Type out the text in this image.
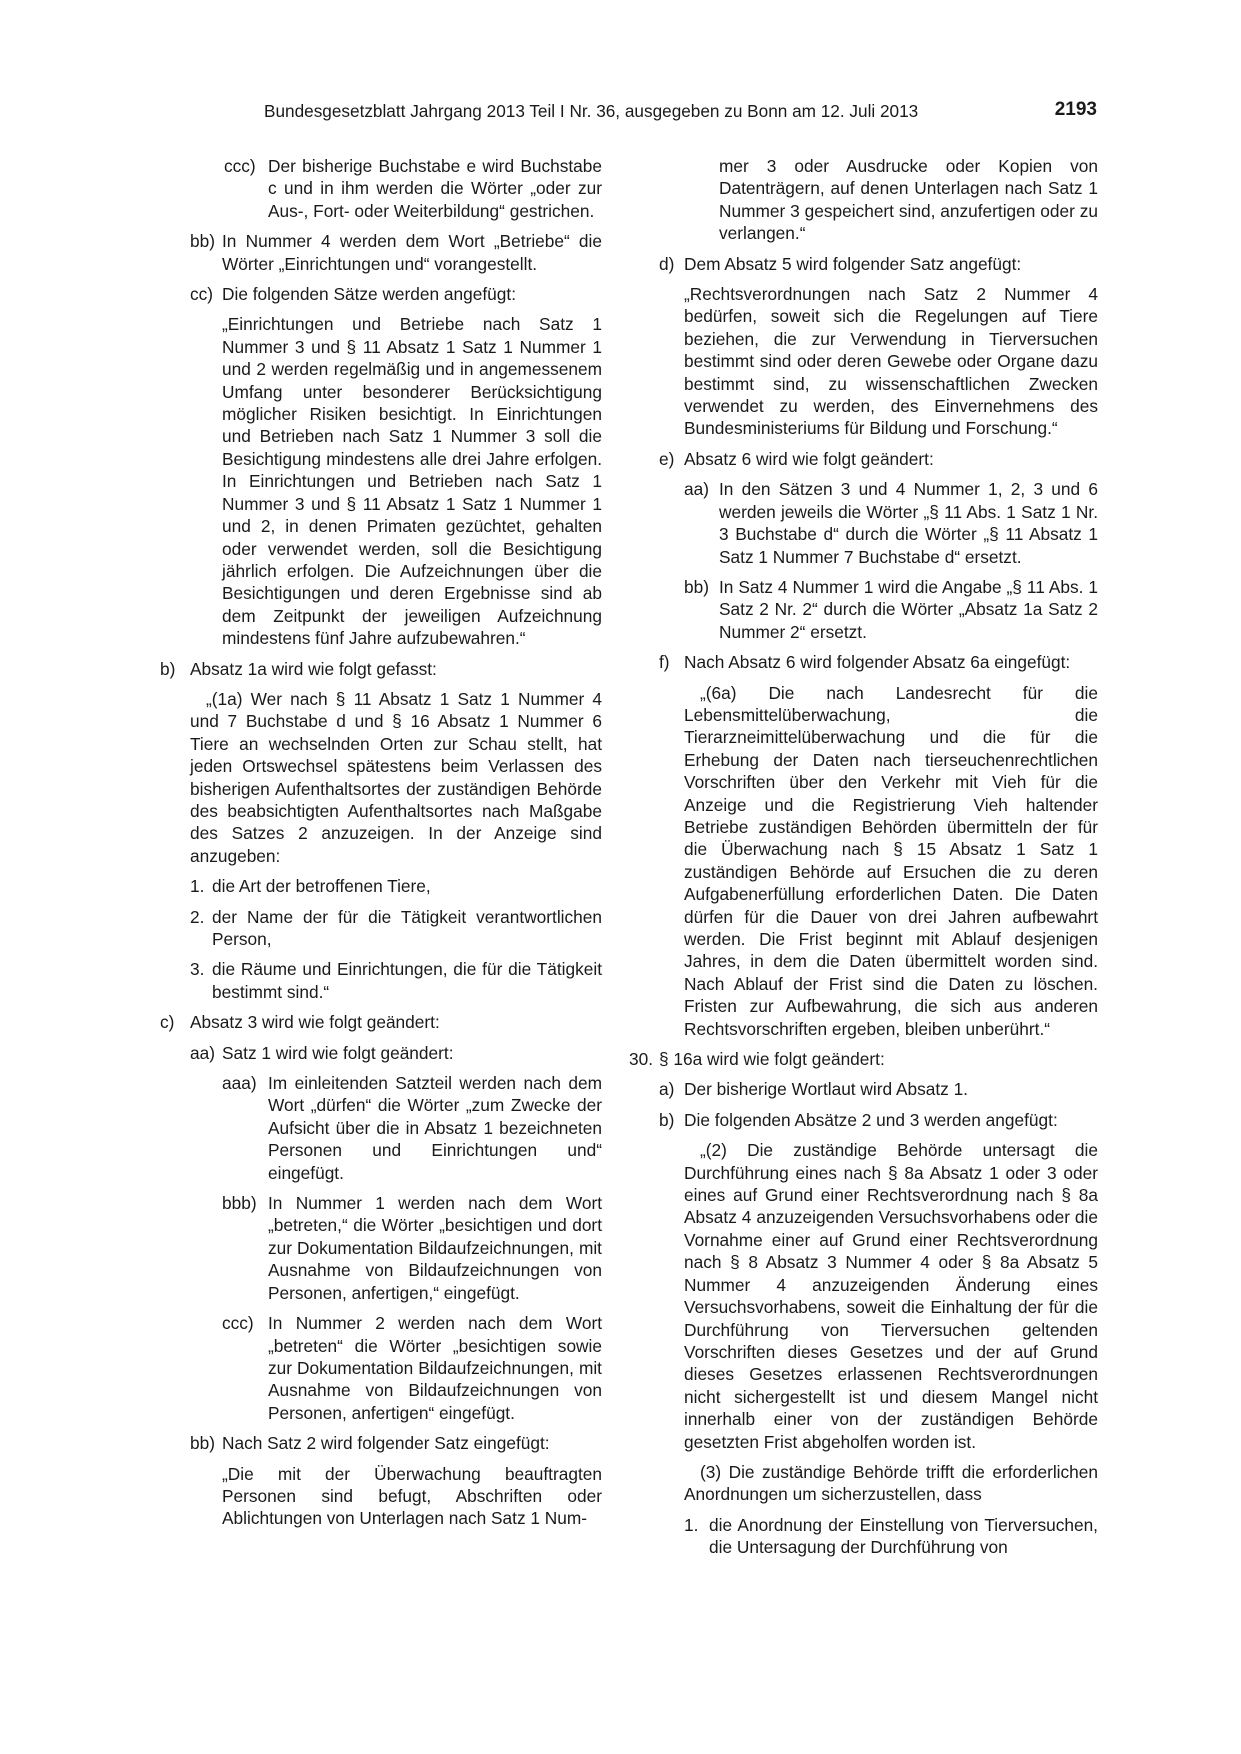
Bundesgesetzblatt Jahrgang 2013 Teil I Nr. 36, ausgegeben zu Bonn am 12. Juli 2013	2193
ccc) Der bisherige Buchstabe e wird Buchstabe c und in ihm werden die Wörter „oder zur Aus-, Fort- oder Weiterbildung“ gestrichen.
bb) In Nummer 4 werden dem Wort „Betriebe“ die Wörter „Einrichtungen und“ vorangestellt.
cc) Die folgenden Sätze werden angefügt:
„Einrichtungen und Betriebe nach Satz 1 Nummer 3 und § 11 Absatz 1 Satz 1 Nummer 1 und 2 werden regelmäßig und in angemessenem Umfang unter besonderer Berücksichtigung möglicher Risiken besichtigt. In Einrichtungen und Betrieben nach Satz 1 Nummer 3 soll die Besichtigung mindestens alle drei Jahre erfolgen. In Einrichtungen und Betrieben nach Satz 1 Nummer 3 und § 11 Absatz 1 Satz 1 Nummer 1 und 2, in denen Primaten gezüchtet, gehalten oder verwendet werden, soll die Besichtigung jährlich erfolgen. Die Aufzeichnungen über die Besichtigungen und deren Ergebnisse sind ab dem Zeitpunkt der jeweiligen Aufzeichnung mindestens fünf Jahre aufzubewahren.“
b) Absatz 1a wird wie folgt gefasst:
„(1a) Wer nach § 11 Absatz 1 Satz 1 Nummer 4 und 7 Buchstabe d und § 16 Absatz 1 Nummer 6 Tiere an wechselnden Orten zur Schau stellt, hat jeden Ortswechsel spätestens beim Verlassen des bisherigen Aufenthaltsortes der zuständigen Behörde des beabsichtigten Aufenthaltsortes nach Maßgabe des Satzes 2 anzuzeigen. In der Anzeige sind anzugeben:
1. die Art der betroffenen Tiere,
2. der Name der für die Tätigkeit verantwortlichen Person,
3. die Räume und Einrichtungen, die für die Tätigkeit bestimmt sind.“
c) Absatz 3 wird wie folgt geändert:
aa) Satz 1 wird wie folgt geändert:
aaa) Im einleitenden Satzteil werden nach dem Wort „dürfen“ die Wörter „zum Zwecke der Aufsicht über die in Absatz 1 bezeichneten Personen und Einrichtungen und“ eingefügt.
bbb) In Nummer 1 werden nach dem Wort „betreten,“ die Wörter „besichtigen und dort zur Dokumentation Bildaufzeichnungen, mit Ausnahme von Bildaufzeichnungen von Personen, anfertigen,“ eingefügt.
ccc) In Nummer 2 werden nach dem Wort „betreten“ die Wörter „besichtigen sowie zur Dokumentation Bildaufzeichnungen, mit Ausnahme von Bildaufzeichnungen von Personen, anfertigen“ eingefügt.
bb) Nach Satz 2 wird folgender Satz eingefügt:
„Die mit der Überwachung beauftragten Personen sind befugt, Abschriften oder Ablichtungen von Unterlagen nach Satz 1 Num-
mer 3 oder Ausdrucke oder Kopien von Datenträgern, auf denen Unterlagen nach Satz 1 Nummer 3 gespeichert sind, anzufertigen oder zu verlangen.“
d) Dem Absatz 5 wird folgender Satz angefügt:
„Rechtsverordnungen nach Satz 2 Nummer 4 bedürfen, soweit sich die Regelungen auf Tiere beziehen, die zur Verwendung in Tierversuchen bestimmt sind oder deren Gewebe oder Organe dazu bestimmt sind, zu wissenschaftlichen Zwecken verwendet zu werden, des Einvernehmens des Bundesministeriums für Bildung und Forschung.“
e) Absatz 6 wird wie folgt geändert:
aa) In den Sätzen 3 und 4 Nummer 1, 2, 3 und 6 werden jeweils die Wörter „§ 11 Abs. 1 Satz 1 Nr. 3 Buchstabe d“ durch die Wörter „§ 11 Absatz 1 Satz 1 Nummer 7 Buchstabe d“ ersetzt.
bb) In Satz 4 Nummer 1 wird die Angabe „§ 11 Abs. 1 Satz 2 Nr. 2“ durch die Wörter „Absatz 1a Satz 2 Nummer 2“ ersetzt.
f) Nach Absatz 6 wird folgender Absatz 6a eingefügt:
„(6a) Die nach Landesrecht für die Lebensmittelüberwachung, die Tierarzneimittelüberwachung und die für die Erhebung der Daten nach tierseuchenrechtlichen Vorschriften über den Verkehr mit Vieh für die Anzeige und die Registrierung Vieh haltender Betriebe zuständigen Behörden übermitteln der für die Überwachung nach § 15 Absatz 1 Satz 1 zuständigen Behörde auf Ersuchen die zu deren Aufgabenerfüllung erforderlichen Daten. Die Daten dürfen für die Dauer von drei Jahren aufbewahrt werden. Die Frist beginnt mit Ablauf desjenigen Jahres, in dem die Daten übermittelt worden sind. Nach Ablauf der Frist sind die Daten zu löschen. Fristen zur Aufbewahrung, die sich aus anderen Rechtsvorschriften ergeben, bleiben unberührt.“
30. § 16a wird wie folgt geändert:
a) Der bisherige Wortlaut wird Absatz 1.
b) Die folgenden Absätze 2 und 3 werden angefügt:
„(2) Die zuständige Behörde untersagt die Durchführung eines nach § 8a Absatz 1 oder 3 oder eines auf Grund einer Rechtsverordnung nach § 8a Absatz 4 anzuzeigenden Versuchsvorhabens oder die Vornahme einer auf Grund einer Rechtsverordnung nach § 8 Absatz 3 Nummer 4 oder § 8a Absatz 5 Nummer 4 anzuzeigenden Änderung eines Versuchsvorhabens, soweit die Einhaltung der für die Durchführung von Tierversuchen geltenden Vorschriften dieses Gesetzes und der auf Grund dieses Gesetzes erlassenen Rechtsverordnungen nicht sichergestellt ist und diesem Mangel nicht innerhalb einer von der zuständigen Behörde gesetzten Frist abgeholfen worden ist.
(3) Die zuständige Behörde trifft die erforderlichen Anordnungen um sicherzustellen, dass
1. die Anordnung der Einstellung von Tierversuchen, die Untersagung der Durchführung von
